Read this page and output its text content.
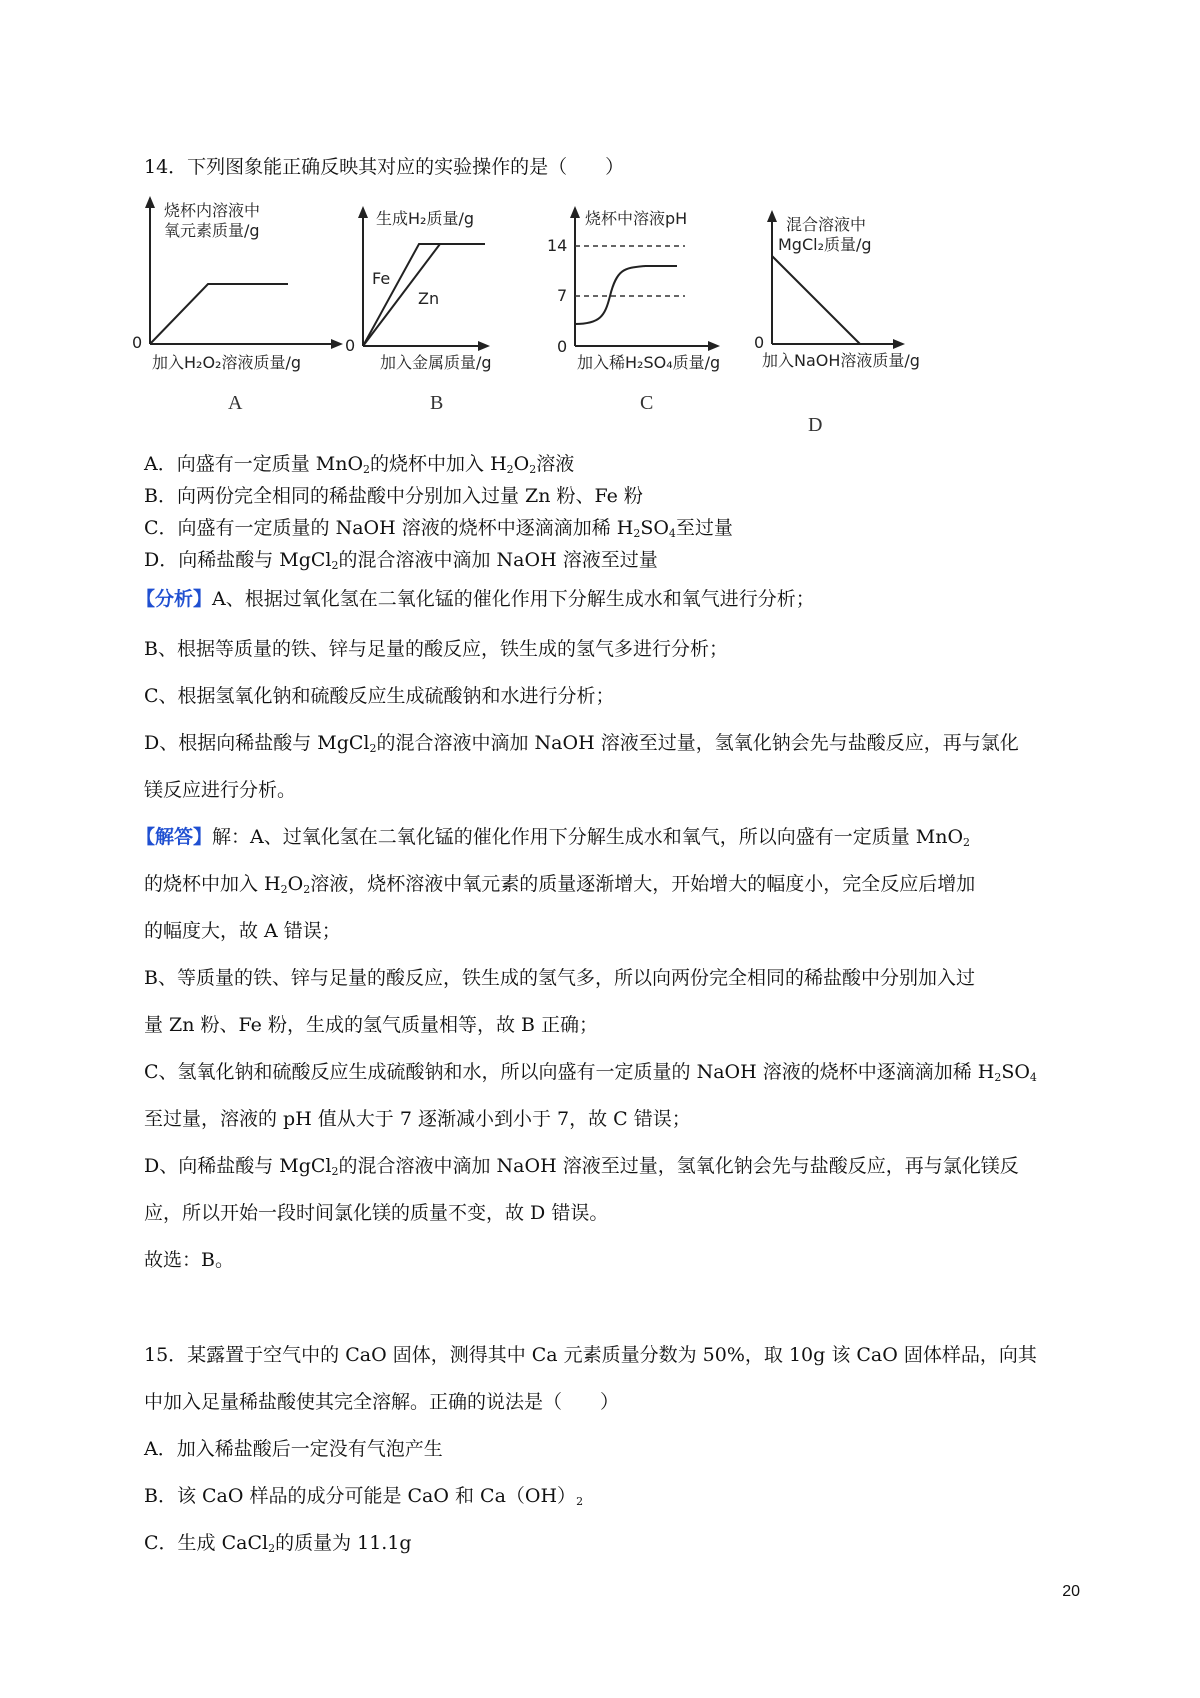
14．下列图象能正确反映其对应的实验操作的是（　　）
烧杯内溶液中
氧元素质量/g
0
加入H₂O₂溶液质量/g
A
生成H₂质量/g
Fe
Zn
0
加入金属质量/g
B
烧杯中溶液pH
14
7
0
加入稀H₂SO₄质量/g
C
混合溶液中
MgCl₂质量/g
0
加入NaOH溶液质量/g
D
A．向盛有一定质量 MnO$_2$的烧杯中加入 $H_2O_2$溶液
B．向两份完全相同的稀盐酸中分别加入过量 Zn 粉、Fe 粉
C．向盛有一定质量的 NaOH 溶液的烧杯中逐滴滴加稀 $H_2SO_4$至过量
D．向稀盐酸与 MgCl$_2$的混合溶液中滴加 NaOH 溶液至过量
【分析】A、根据过氧化氢在二氧化锰的催化作用下分解生成水和氧气进行分析；
B、根据等质量的铁、锌与足量的酸反应，铁生成的氢气多进行分析；
C、根据氢氧化钠和硫酸反应生成硫酸钠和水进行分析；
D、根据向稀盐酸与 MgCl$_2$的混合溶液中滴加 NaOH 溶液至过量，氢氧化钠会先与盐酸反应，再与氯化
镁反应进行分析。
【解答】解：A、过氧化氢在二氧化锰的催化作用下分解生成水和氧气，所以向盛有一定质量 MnO$_2$
的烧杯中加入 $H_2O_2$溶液，烧杯溶液中氧元素的质量逐渐增大，开始增大的幅度小，完全反应后增加
的幅度大，故 A 错误；
B、等质量的铁、锌与足量的酸反应，铁生成的氢气多，所以向两份完全相同的稀盐酸中分别加入过
量 Zn 粉、Fe 粉，生成的氢气质量相等，故 B 正确；
C、氢氧化钠和硫酸反应生成硫酸钠和水，所以向盛有一定质量的 NaOH 溶液的烧杯中逐滴滴加稀 $H_2SO_4$
至过量，溶液的 pH 值从大于 7 逐渐减小到小于 7，故 C 错误；
D、向稀盐酸与 MgCl$_2$的混合溶液中滴加 NaOH 溶液至过量，氢氧化钠会先与盐酸反应，再与氯化镁反
应，所以开始一段时间氯化镁的质量不变，故 D 错误。
故选：B。
15．某露置于空气中的 CaO 固体，测得其中 Ca 元素质量分数为 50%，取 10g 该 CaO 固体样品，向其
中加入足量稀盐酸使其完全溶解。正确的说法是（　　）
A．加入稀盐酸后一定没有气泡产生
B．该 CaO 样品的成分可能是 CaO 和 $Ca(OH)_2$
C．生成 CaCl$_2$的质量为 11.1g
20
